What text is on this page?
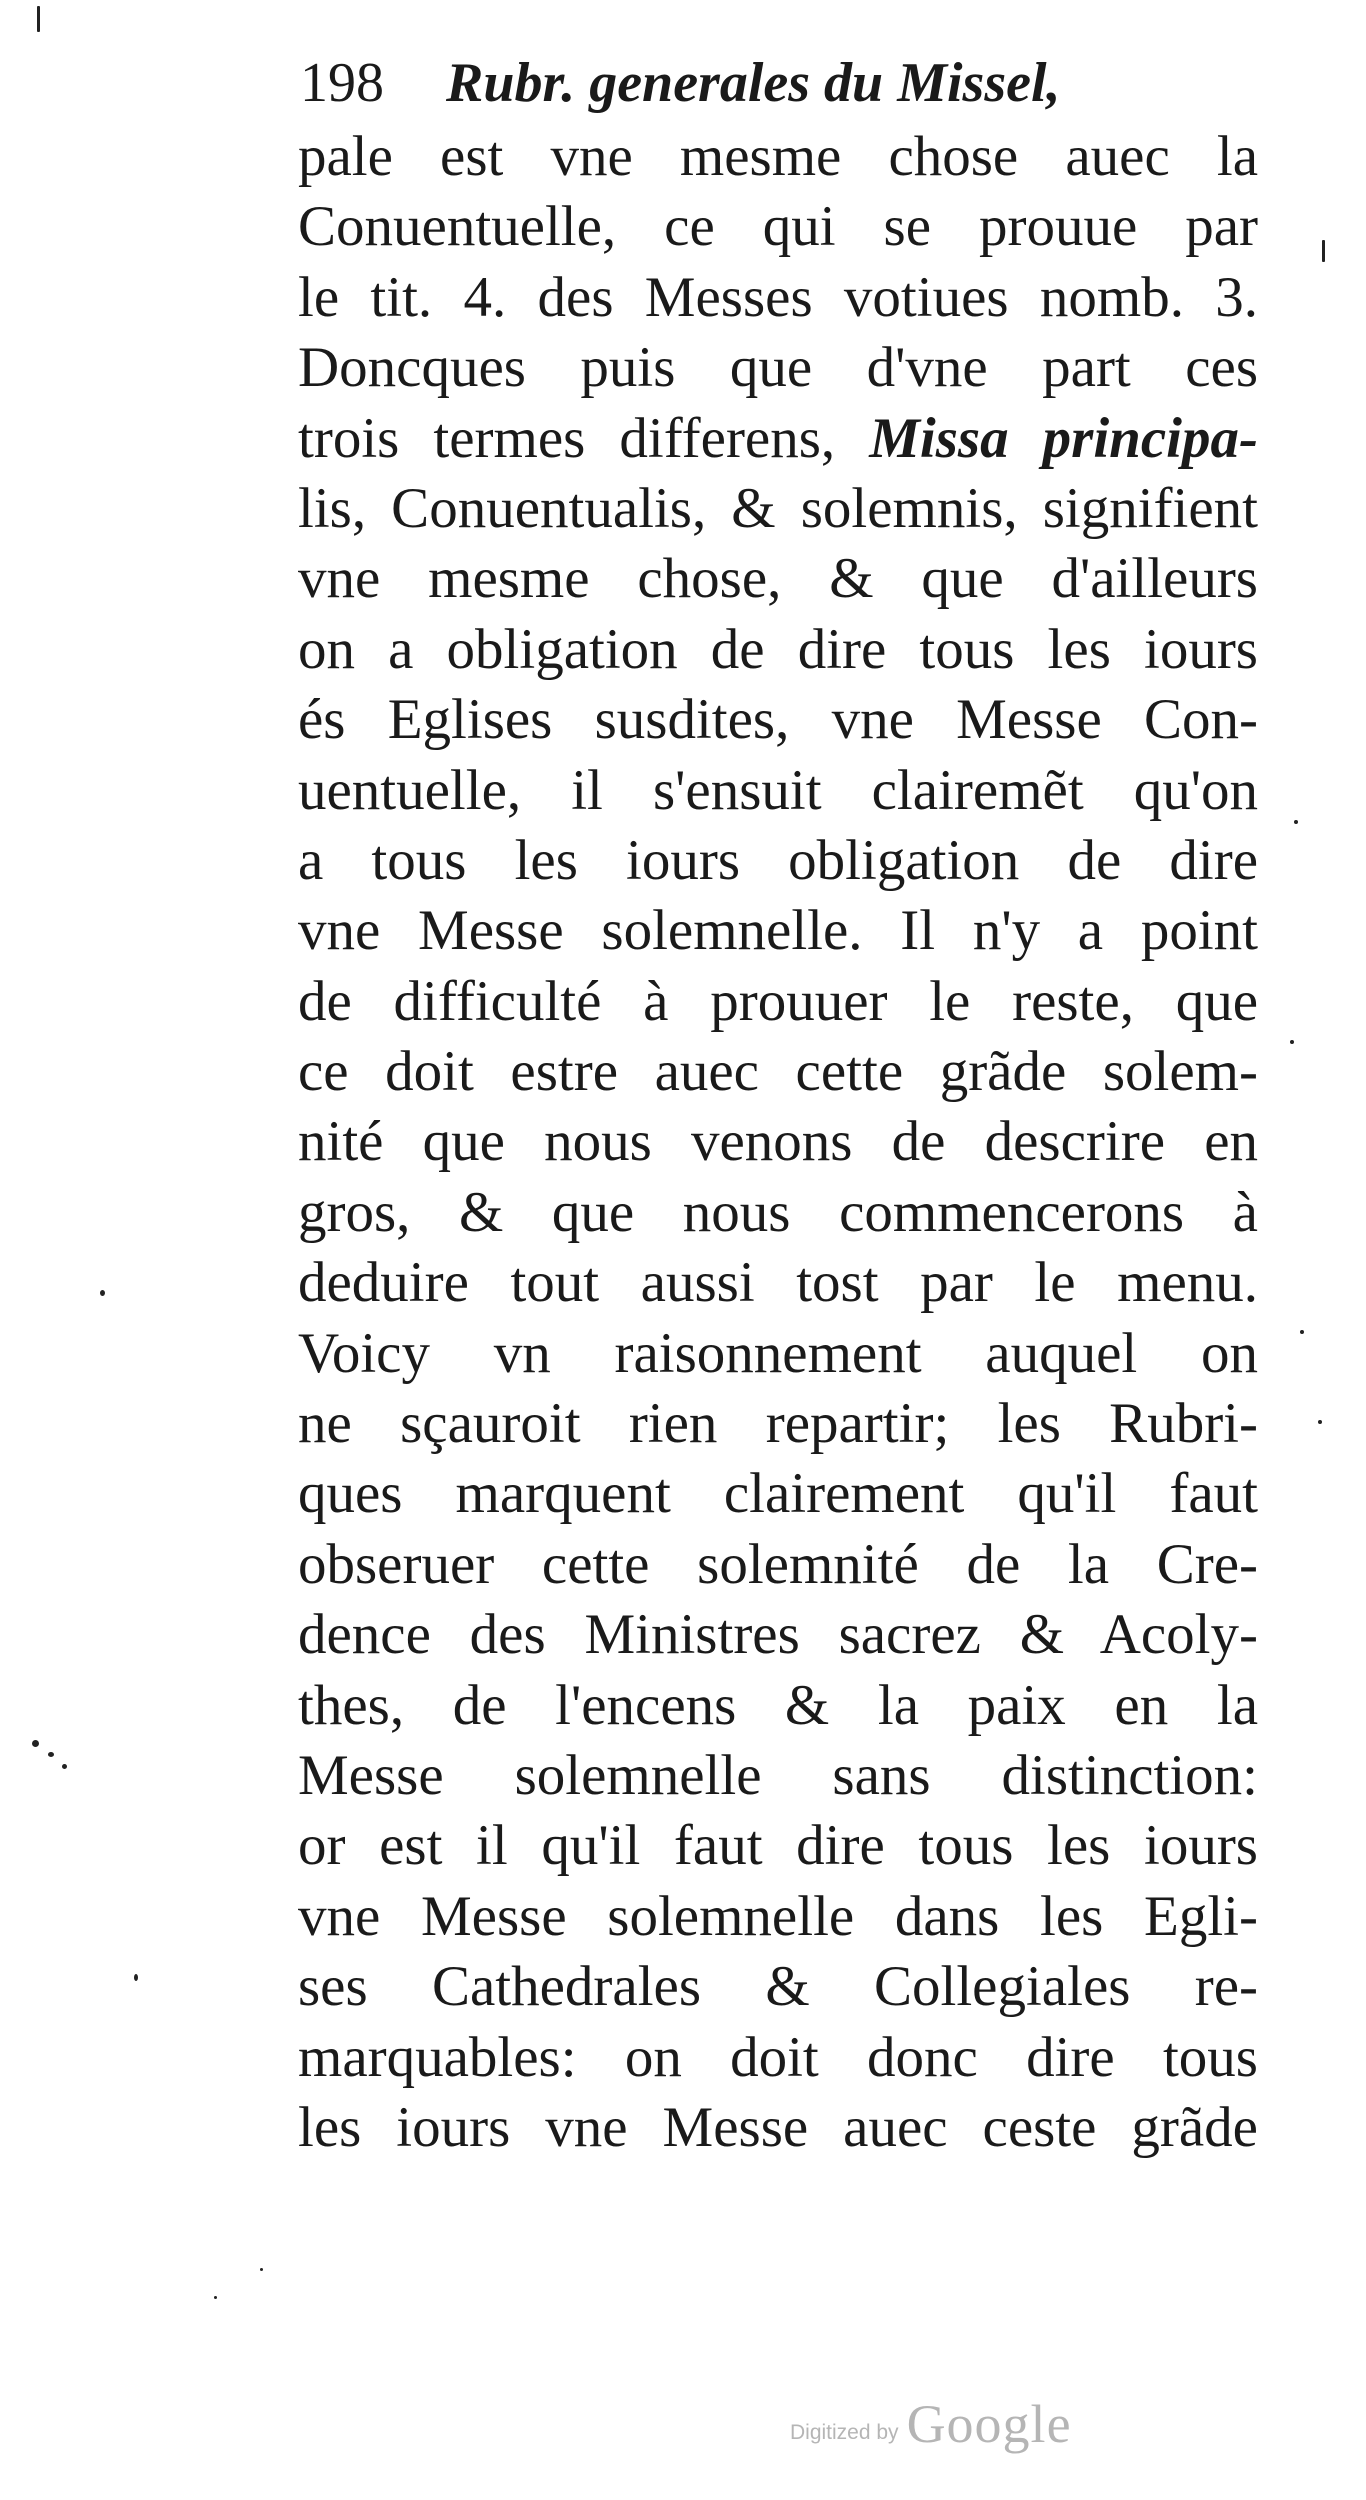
198 Rubr. generales du Missel,
pale est vne mesme chose auec la
Conuentuelle, ce qui se prouue par
le tit. 4. des Messes votiues nomb. 3.
Doncques puis que d'vne part ces
trois termes differens, Missa principa-
lis, Conuentualis, & solemnis, signifient
vne mesme chose, & que d'ailleurs
on a obligation de dire tous les iours
és Eglises susdites, vne Messe Con-
uentuelle, il s'ensuit clairemẽt qu'on
a tous les iours obligation de dire
vne Messe solemnelle. Il n'y a point
de difficulté à prouuer le reste, que
ce doit estre auec cette grãde solem-
nité que nous venons de descrire en
gros, & que nous commencerons à
deduire tout aussi tost par le menu.
Voicy vn raisonnement auquel on
ne sçauroit rien repartir; les Rubri-
ques marquent clairement qu'il faut
obseruer cette solemnité de la Cre-
dence des Ministres sacrez & Acoly-
thes, de l'encens & la paix en la
Messe solemnelle sans distinction:
or est il qu'il faut dire tous les iours
vne Messe solemnelle dans les Egli-
ses Cathedrales & Collegiales re-
marquables: on doit donc dire tous
les iours vne Messe auec ceste grãde
Digitized by Google
